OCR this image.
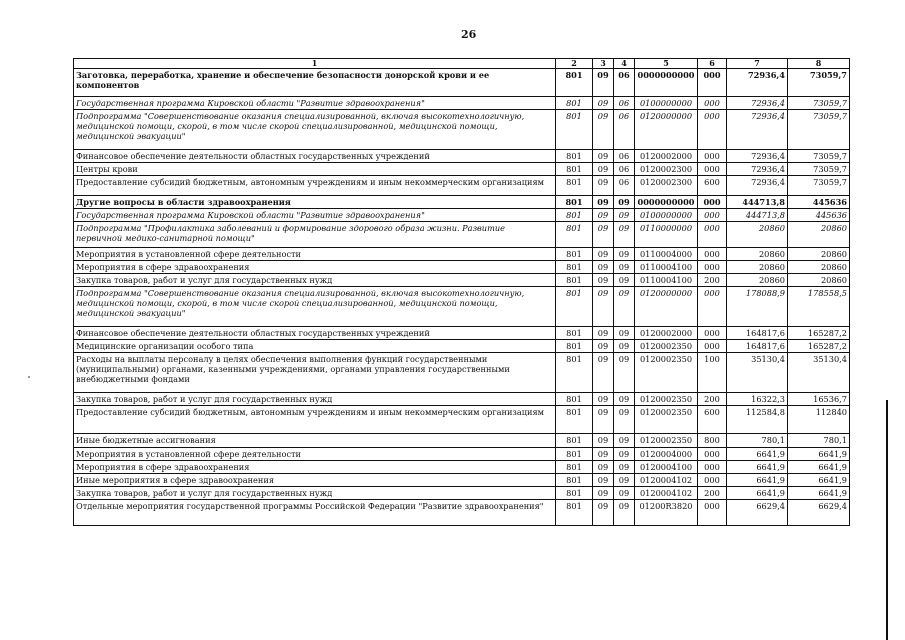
26
1	2	3	4	5	6	7	8
Заготовка, переработка, хранение и обеспечение безопасности донорской крови и ее компонентов	801	09	06	0000000000	000	72936,4	73059,7
Государственная программа Кировской области "Развитие здравоохранения"	801	09	06	0100000000	000	72936,4	73059,7
Подпрограмма "Совершенствование оказания специализированной, включая высокотехнологичную, медицинской помощи, скорой, в том числе скорой специализированной, медицинской помощи, медицинской эвакуации"	801	09	06	0120000000	000	72936,4	73059,7
Финансовое обеспечение деятельности областных государственных учреждений	801	09	06	0120002000	000	72936,4	73059,7
Центры крови	801	09	06	0120002300	000	72936,4	73059,7
Предоставление субсидий бюджетным, автономным учреждениям и иным некоммерческим организациям	801	09	06	0120002300	600	72936,4	73059,7
Другие вопросы в области здравоохранения	801	09	09	0000000000	000	444713,8	445636
Государственная программа Кировской области "Развитие здравоохранения"	801	09	09	0100000000	000	444713,8	445636
Подпрограмма "Профилактика заболеваний и формирование здорового образа жизни. Развитие первичной медико-санитарной помощи"	801	09	09	0110000000	000	20860	20860
Мероприятия в установленной сфере деятельности	801	09	09	0110004000	000	20860	20860
Мероприятия в сфере здравоохранения	801	09	09	0110004100	000	20860	20860
Закупка товаров, работ и услуг для государственных нужд	801	09	09	0110004100	200	20860	20860
Подпрограмма "Совершенствование оказания специализированной, включая высокотехнологичную, медицинской помощи, скорой, в том числе скорой специализированной, медицинской помощи, медицинской эвакуации"	801	09	09	0120000000	000	178088,9	178558,5
Финансовое обеспечение деятельности областных государственных учреждений	801	09	09	0120002000	000	164817,6	165287,2
Медицинские организации особого типа	801	09	09	0120002350	000	164817,6	165287,2
Расходы на выплаты персоналу в целях обеспечения выполнения функций государственными (муниципальными) органами, казенными учреждениями, органами управления государственными внебюджетными фондами	801	09	09	0120002350	100	35130,4	35130,4
Закупка товаров, работ и услуг для государственных нужд	801	09	09	0120002350	200	16322,3	16536,7
Предоставление субсидий бюджетным, автономным учреждениям и иным некоммерческим организациям	801	09	09	0120002350	600	112584,8	112840
Иные бюджетные ассигнования	801	09	09	0120002350	800	780,1	780,1
Мероприятия в установленной сфере деятельности	801	09	09	0120004000	000	6641,9	6641,9
Мероприятия в сфере здравоохранения	801	09	09	0120004100	000	6641,9	6641,9
Иные мероприятия в сфере здравоохранения	801	09	09	0120004102	000	6641,9	6641,9
Закупка товаров, работ и услуг для государственных нужд	801	09	09	0120004102	200	6641,9	6641,9
Отдельные мероприятия государственной программы Российской Федерации "Развитие здравоохранения"	801	09	09	01200R3820	000	6629,4	6629,4
